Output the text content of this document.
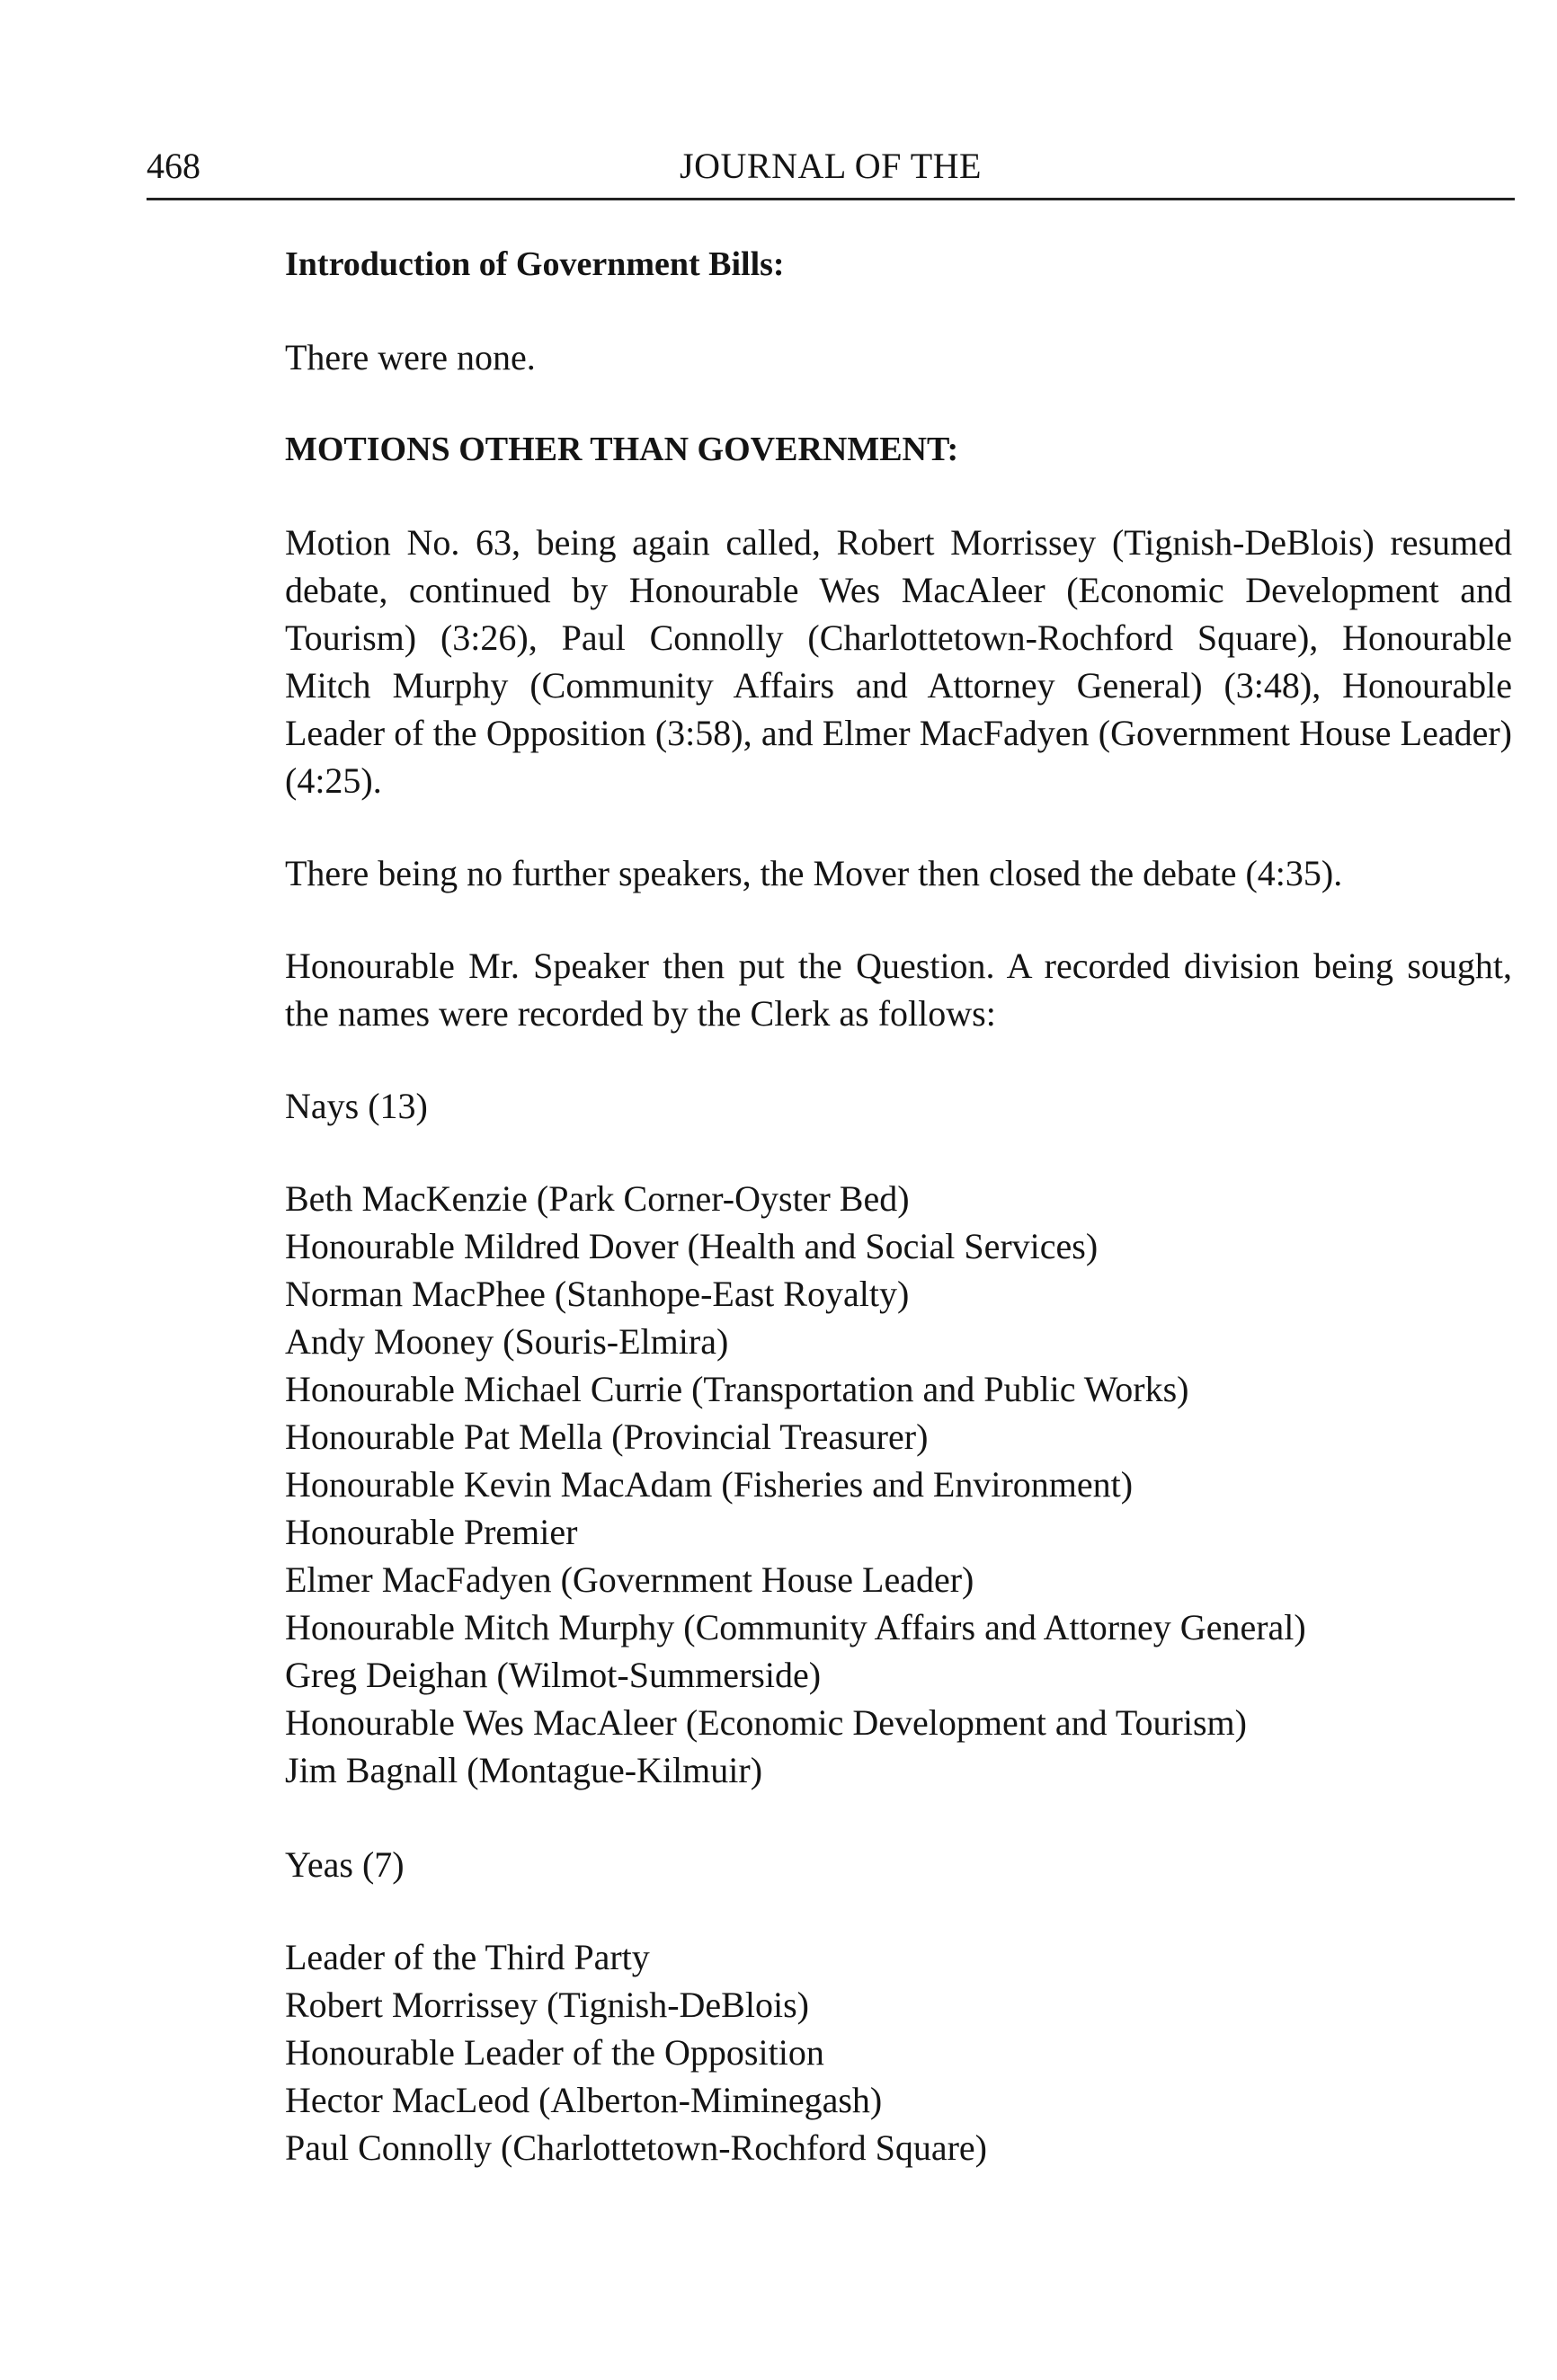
468	JOURNAL OF THE

Introduction of Government Bills:

There were none.

MOTIONS OTHER THAN GOVERNMENT:

Motion No. 63, being again called, Robert Morrissey (Tignish-DeBlois) resumed debate, continued by Honourable Wes MacAleer (Economic Development and Tourism) (3:26), Paul Connolly (Charlottetown-Rochford Square), Honourable Mitch Murphy (Community Affairs and Attorney General) (3:48), Honourable Leader of the Opposition (3:58), and Elmer MacFadyen (Government House Leader) (4:25).

There being no further speakers, the Mover then closed the debate (4:35).

Honourable Mr. Speaker then put the Question. A recorded division being sought, the names were recorded by the Clerk as follows:

Nays (13)

Beth MacKenzie (Park Corner-Oyster Bed)
Honourable Mildred Dover (Health and Social Services)
Norman MacPhee (Stanhope-East Royalty)
Andy Mooney (Souris-Elmira)
Honourable Michael Currie (Transportation and Public Works)
Honourable Pat Mella (Provincial Treasurer)
Honourable Kevin MacAdam (Fisheries and Environment)
Honourable Premier
Elmer MacFadyen (Government House Leader)
Honourable Mitch Murphy (Community Affairs and Attorney General)
Greg Deighan (Wilmot-Summerside)
Honourable Wes MacAleer (Economic Development and Tourism)
Jim Bagnall (Montague-Kilmuir)

Yeas (7)

Leader of the Third Party
Robert Morrissey (Tignish-DeBlois)
Honourable Leader of the Opposition
Hector MacLeod (Alberton-Miminegash)
Paul Connolly (Charlottetown-Rochford Square)
